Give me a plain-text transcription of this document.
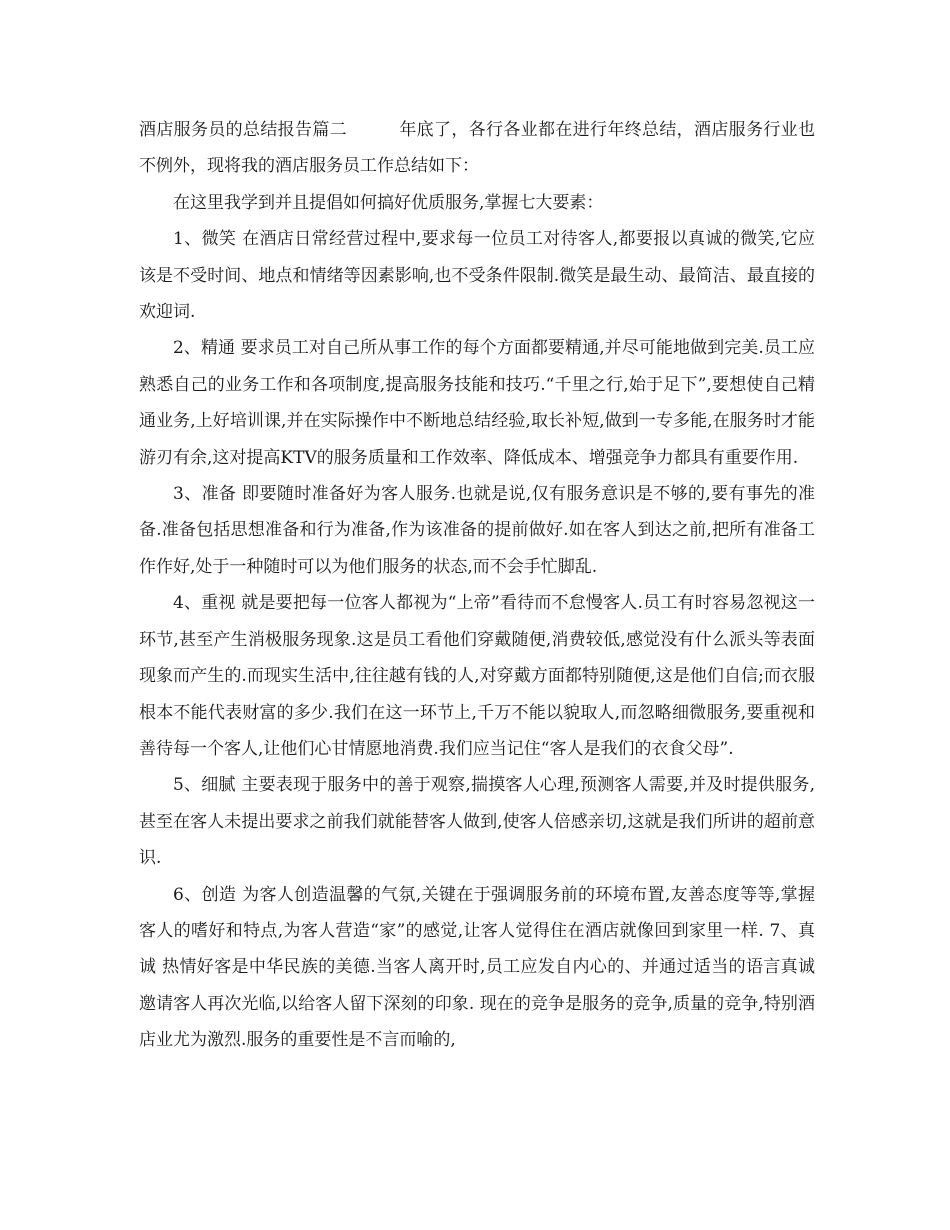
酒店服务员的总结报告篇二	年底了，各行各业都在进行年终总结，酒店服务行业也不例外，现将我的酒店服务员工作总结如下：

在这里我学到并且提倡如何搞好优质服务,掌握七大要素：

1、微笑 在酒店日常经营过程中,要求每一位员工对待客人,都要报以真诚的微笑,它应该是不受时间、地点和情绪等因素影响,也不受条件限制.微笑是最生动、最简洁、最直接的欢迎词.

2、精通 要求员工对自己所从事工作的每个方面都要精通,并尽可能地做到完美.员工应熟悉自己的业务工作和各项制度,提高服务技能和技巧.“千里之行,始于足下”,要想使自己精通业务,上好培训课,并在实际操作中不断地总结经验,取长补短,做到一专多能,在服务时才能游刃有余,这对提高KTV的服务质量和工作效率、降低成本、增强竞争力都具有重要作用.

3、准备 即要随时准备好为客人服务.也就是说,仅有服务意识是不够的,要有事先的准备.准备包括思想准备和行为准备,作为该准备的提前做好.如在客人到达之前,把所有准备工作作好,处于一种随时可以为他们服务的状态,而不会手忙脚乱.

4、重视 就是要把每一位客人都视为“上帝”看待而不怠慢客人.员工有时容易忽视这一环节,甚至产生消极服务现象.这是员工看他们穿戴随便,消费较低,感觉没有什么派头等表面现象而产生的.而现实生活中,往往越有钱的人,对穿戴方面都特别随便,这是他们自信;而衣服根本不能代表财富的多少.我们在这一环节上,千万不能以貌取人,而忽略细微服务,要重视和善待每一个客人,让他们心甘情愿地消费.我们应当记住“客人是我们的衣食父母”.

5、细腻 主要表现于服务中的善于观察,揣摸客人心理,预测客人需要,并及时提供服务,甚至在客人未提出要求之前我们就能替客人做到,使客人倍感亲切,这就是我们所讲的超前意识.

6、创造 为客人创造温馨的气氛,关键在于强调服务前的环境布置,友善态度等等,掌握客人的嗜好和特点,为客人营造“家”的感觉,让客人觉得住在酒店就像回到家里一样. 7、真诚 热情好客是中华民族的美德.当客人离开时,员工应发自内心的、并通过适当的语言真诚邀请客人再次光临,以给客人留下深刻的印象. 现在的竞争是服务的竞争,质量的竞争,特别酒店业尤为激烈.服务的重要性是不言而喻的,
